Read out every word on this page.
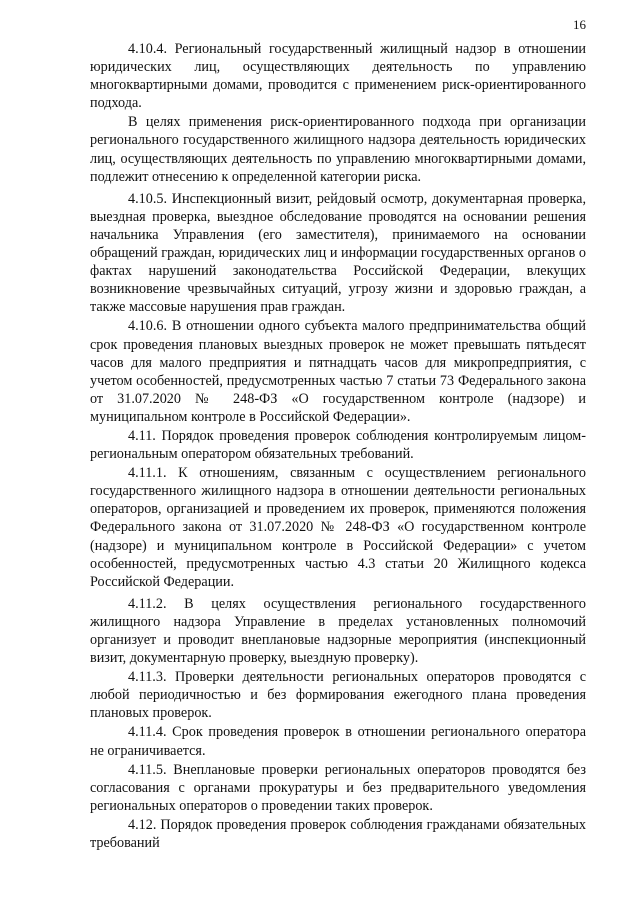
16

4.10.4. Региональный государственный жилищный надзор в отношении юридических лиц, осуществляющих деятельность по управлению многоквартирными домами, проводится с применением риск-ориентированного подхода.

В целях применения риск-ориентированного подхода при организации регионального государственного жилищного надзора деятельность юридических лиц, осуществляющих деятельность по управлению многоквартирными домами, подлежит отнесению к определенной категории риска.

4.10.5. Инспекционный визит, рейдовый осмотр, документарная проверка, выездная проверка, выездное обследование проводятся на основании решения начальника Управления (его заместителя), принимаемого на основании обращений граждан, юридических лиц и информации государственных органов о фактах нарушений законодательства Российской Федерации, влекущих возникновение чрезвычайных ситуаций, угрозу жизни и здоровью граждан, а также массовые нарушения прав граждан.

4.10.6. В отношении одного субъекта малого предпринимательства общий срок проведения плановых выездных проверок не может превышать пятьдесят часов для малого предприятия и пятнадцать часов для микропредприятия, с учетом особенностей, предусмотренных частью 7 статьи 73 Федерального закона от 31.07.2020 № 248-ФЗ «О государственном контроле (надзоре) и муниципальном контроле в Российской Федерации».

4.11. Порядок проведения проверок соблюдения контролируемым лицом- региональным оператором обязательных требований.

4.11.1. К отношениям, связанным с осуществлением регионального государственного жилищного надзора в отношении деятельности региональных операторов, организацией и проведением их проверок, применяются положения Федерального закона от 31.07.2020 № 248-ФЗ «О государственном контроле (надзоре) и муниципальном контроле в Российской Федерации» с учетом особенностей, предусмотренных частью 4.3 статьи 20 Жилищного кодекса Российской Федерации.

4.11.2. В целях осуществления регионального государственного жилищного надзора Управление в пределах установленных полномочий организует и проводит внеплановые надзорные мероприятия (инспекционный визит, документарную проверку, выездную проверку).

4.11.3. Проверки деятельности региональных операторов проводятся с любой периодичностью и без формирования ежегодного плана проведения плановых проверок.

4.11.4. Срок проведения проверок в отношении регионального оператора не ограничивается.

4.11.5. Внеплановые проверки региональных операторов проводятся без согласования с органами прокуратуры и без предварительного уведомления региональных операторов о проведении таких проверок.

4.12. Порядок проведения проверок соблюдения гражданами обязательных требований
